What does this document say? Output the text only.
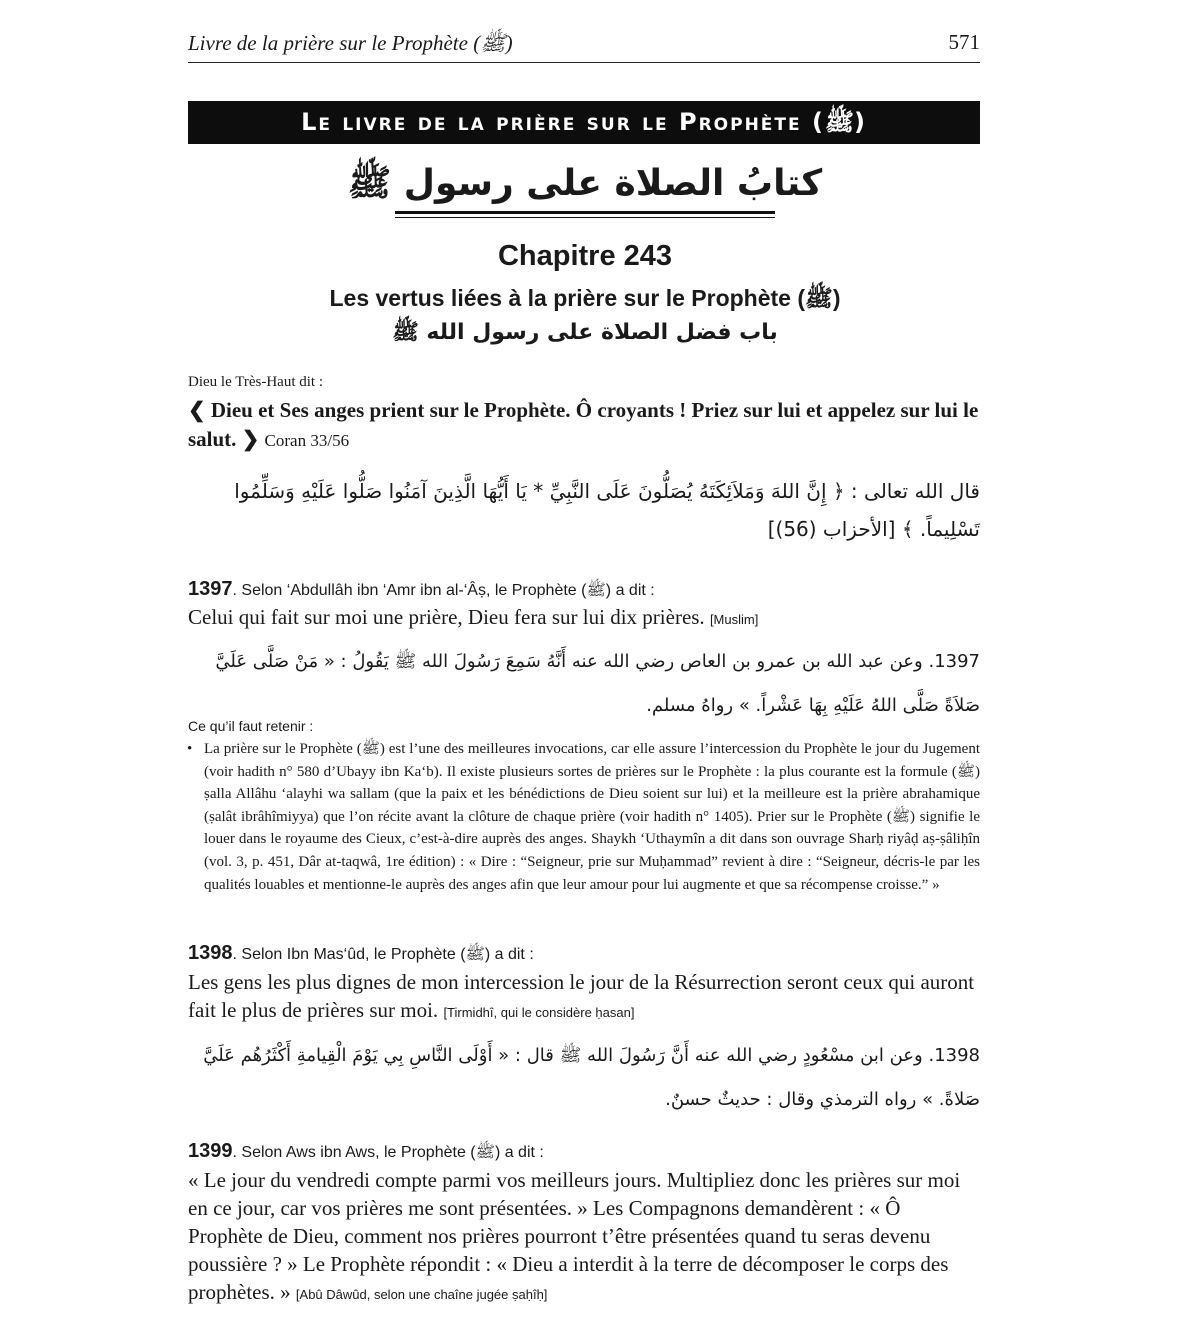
Livre de la prière sur le Prophète (ﷺ)	571
Le livre de la prière sur le Prophète (ﷺ)
كتابُ الصلاة على رسول ﷺ
Chapitre 243
Les vertus liées à la prière sur le Prophète (ﷺ)
باب فضل الصلاة على رسول الله ﷺ
Dieu le Très-Haut dit :
❮ Dieu et Ses anges prient sur le Prophète. Ô croyants ! Priez sur lui et appelez sur lui le salut. ❯ Coran 33/56
قال الله تعالى : ﴿ إِنَّ اللهَ وَمَلاَئِكَتَهُ يُصَلُّونَ عَلَى النَّبِيِّ * يَا أَيُّهَا الَّذِينَ آمَنُوا صَلُّوا عَلَيْهِ وَسَلِّمُوا تَسْلِيماً. ﴾ [الأحزاب (56)]
1397. Selon ‘Abdullâh ibn ‘Amr ibn al-‘Âṣ, le Prophète (ﷺ) a dit :
Celui qui fait sur moi une prière, Dieu fera sur lui dix prières. [Muslim]
1397. وعن عبد الله بن عمرو بن العاص رضي الله عنه أَنَّهُ سَمِعَ رَسُولَ الله ﷺ يَقُولُ : « مَنْ صَلَّى عَلَيَّ صَلاَةً صَلَّى اللهُ عَلَيْهِ بِهَا عَشْراً. » رواهُ مسلم.
Ce qu’il faut retenir :
• La prière sur le Prophète (ﷺ) est l’une des meilleures invocations, car elle assure l’intercession du Prophète le jour du Jugement (voir hadith n° 580 d’Ubayy ibn Ka‘b). Il existe plusieurs sortes de prières sur le Prophète : la plus courante est la formule (ﷺ) ṣalla Allâhu ‘alayhi wa sallam (que la paix et les bénédictions de Dieu soient sur lui) et la meilleure est la prière abrahamique (ṣalât ibrâhîmiyya) que l’on récite avant la clôture de chaque prière (voir hadith n° 1405). Prier sur le Prophète (ﷺ) signifie le louer dans le royaume des Cieux, c’est-à-dire auprès des anges. Shaykh ‘Uthaymîn a dit dans son ouvrage Sharḥ riyâḍ aṣ-ṣâliḥîn (vol. 3, p. 451, Dâr at-taqwâ, 1re édition) : « Dire : “Seigneur, prie sur Muḥammad” revient à dire : “Seigneur, décris-le par les qualités louables et mentionne-le auprès des anges afin que leur amour pour lui augmente et que sa récompense croisse.” »
1398. Selon Ibn Mas‘ûd, le Prophète (ﷺ) a dit :
Les gens les plus dignes de mon intercession le jour de la Résurrection seront ceux qui auront fait le plus de prières sur moi. [Tirmidhî, qui le considère ḥasan]
1398. وعن ابن مسْعُودٍ رضي الله عنه أَنَّ رَسُولَ الله ﷺ قال : « أَوْلَى النَّاسِ بِي يَوْمَ الْقِيامةِ أَكْثَرُهُم عَلَيَّ صَلاةً. » رواه الترمذي وقال : حديثٌ حسنٌ.
1399. Selon Aws ibn Aws, le Prophète (ﷺ) a dit :
« Le jour du vendredi compte parmi vos meilleurs jours. Multipliez donc les prières sur moi en ce jour, car vos prières me sont présentées. » Les Compagnons demandèrent : « Ô Prophète de Dieu, comment nos prières pourront t’être présentées quand tu seras devenu poussière ? » Le Prophète répondit : « Dieu a interdit à la terre de décomposer le corps des prophètes. » [Abû Dâwûd, selon une chaîne jugée ṣaḥîḥ]
